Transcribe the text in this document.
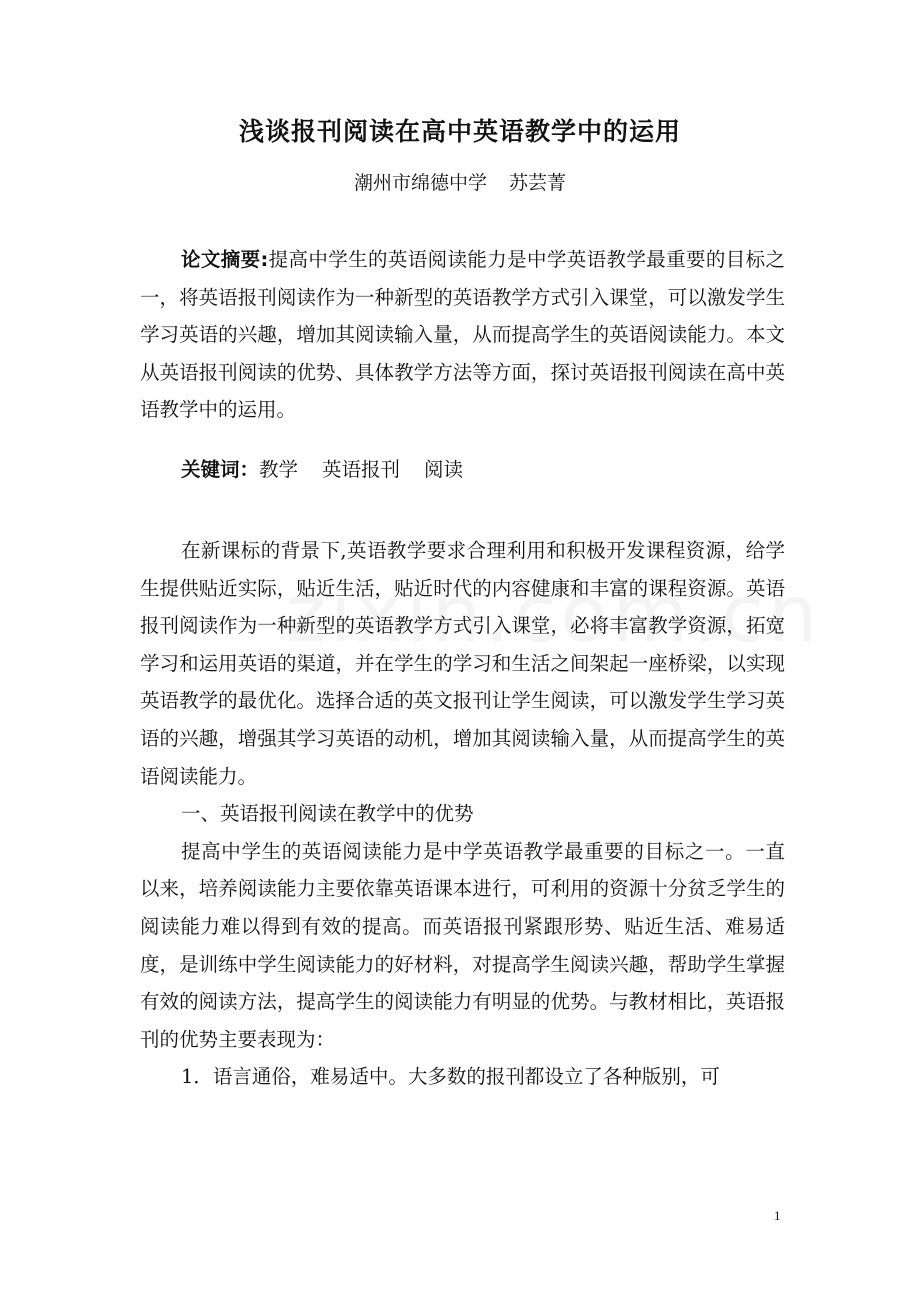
浅谈报刊阅读在高中英语教学中的运用
潮州市绵德中学 苏芸菁

论文摘要:提高中学生的英语阅读能力是中学英语教学最重要的目标之一，将英语报刊阅读作为一种新型的英语教学方式引入课堂，可以激发学生学习英语的兴趣，增加其阅读输入量，从而提高学生的英语阅读能力。本文从英语报刊阅读的优势、具体教学方法等方面，探讨英语报刊阅读在高中英语教学中的运用。

关键词：教学 英语报刊 阅读

在新课标的背景下,英语教学要求合理利用和积极开发课程资源，给学生提供贴近实际，贴近生活，贴近时代的内容健康和丰富的课程资源。英语报刊阅读作为一种新型的英语教学方式引入课堂，必将丰富教学资源，拓宽学习和运用英语的渠道，并在学生的学习和生活之间架起一座桥梁，以实现英语教学的最优化。选择合适的英文报刊让学生阅读，可以激发学生学习英语的兴趣，增强其学习英语的动机，增加其阅读输入量，从而提高学生的英语阅读能力。

一、英语报刊阅读在教学中的优势

提高中学生的英语阅读能力是中学英语教学最重要的目标之一。一直以来，培养阅读能力主要依靠英语课本进行，可利用的资源十分贫乏学生的阅读能力难以得到有效的提高。而英语报刊紧跟形势、贴近生活、难易适度，是训练中学生阅读能力的好材料，对提高学生阅读兴趣，帮助学生掌握有效的阅读方法，提高学生的阅读能力有明显的优势。与教材相比，英语报刊的优势主要表现为：

1．语言通俗，难易适中。大多数的报刊都设立了各种版别，可

1
